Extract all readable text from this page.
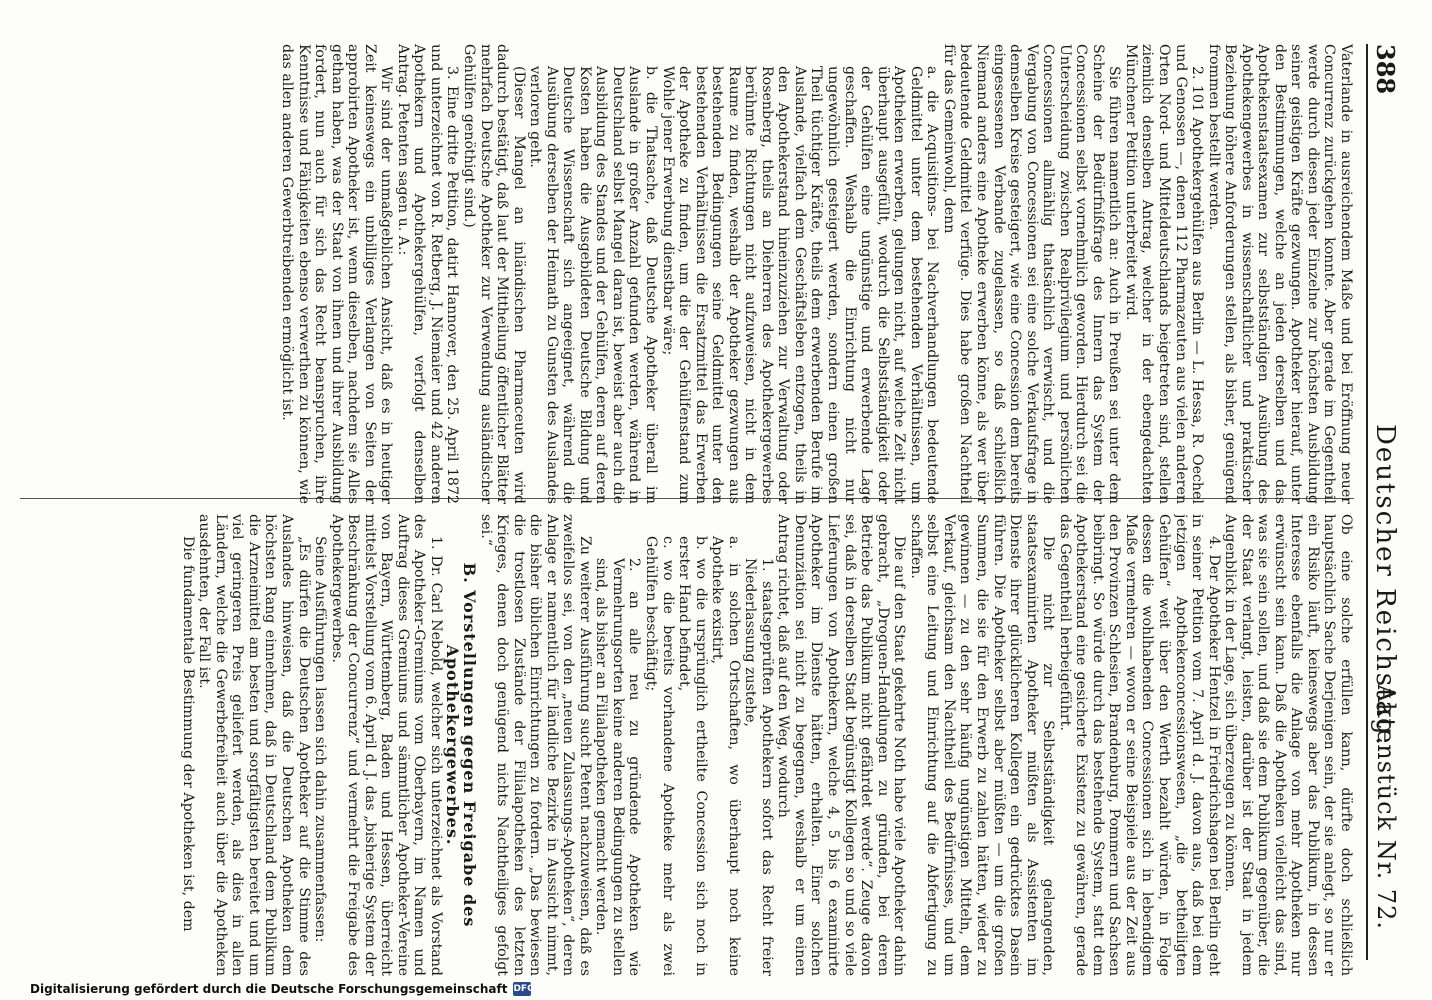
388
Deutscher Reichstag.
Aktenstück Nr. 72.

Vaterlande in ausreichendem Maße und bei Eröffnung neuer Concurrenz zurückgehen konnte. Aber gerade im Gegentheil werde durch diesen jeder Einzelne zur höchsten Ausbildung seiner geistigen Kräfte gezwungen. Apotheker hierauf, unter den Bestimmungen, welche an jeden derselben und das Apothekenstaatsexamen zur selbstständigen Ausübung des Apothekengewerbes in wissenschaftlicher und praktischer Beziehung höhere Anforderungen stellen, als bisher, genügend frommen bestellt werden.

2. 101 Apothekergehülfen aus Berlin — L. Hessa, R. Oechel und Genossen —, denen 112 Pharmazeuten aus vielen anderen Orten Nord- und Mitteldeutschlands beigetreten sind, stellen ziemlich denselben Antrag, welcher in der ebengedachten Münchener Petition unterbreitet wird.

Sie führen namentlich an: Auch in Preußen sei unter dem Scheine der Bedürfnißfrage des Innern das System der Concessionen selbst vornehmlich geworden. Hierdurch sei die Unterscheidung zwischen Realprivilegium und persönlichen Concessionen allmählig thatsächlich verwischt, und die Vergabung von Concessionen sei eine solche Verkaufsfrage in demselben Kreise gesteigert, wie eine Concession dem bereits eingesessenen Verbande zugelassen, so daß schließlich Niemand anders eine Apotheke erwerben könne, als wer über bedeutende Geldmittel verfüge. Dies habe großen Nachtheil für das Gemeinwohl, denn

a. die Acquisitions- bei Nachverhandlungen bedeutende Geldmittel unter dem bestehenden Verhältnissen, um Apotheken erwerben, gelungen nicht, auf welche Zeit nicht überhaupt ausgefüllt, wodurch die Selbstständigkeit oder der Gehülfen eine ungünstige und erwerbende Lage geschaffen. Weshalb die Einrichtung nicht nur ungewöhnlich gesteigert werden, sondern einen großen Theil tüchtiger Kräfte, theils dem erwerbenden Berufe im Auslande, vielfach dem Geschäftsleben entzogen, theils in den Apothekerstand hineinzuziehen zur Verwaltung oder Rosenberg, theils an Dieherren des Apothekergewerbes berühmte Richtungen nicht aufzuweisen, nicht in dem Raume zu finden, weshalb der Apotheker gezwungen aus bestehenden Bedingungen seine Geldmittel unter den bestehenden Verhältnissen die Ersatzmittel das Erwerben der Apotheke zu finden, um die der Gehülfenstand zum Wohle jener Erwerbung dienstbar wäre;

b. die Thatsache, daß Deutsche Apotheker überall im Auslande in großer Anzahl gefunden werden, während in Deutschland selbst Mangel daran ist, beweist aber auch die Ausbildung des Standes und der Gehülfen, deren auf deren Kosten haben die Ausgebildeten Deutsche Bildung und Deutsche Wissenschaft sich angeeignet, während die Ausübung derselben der Heimath zu Gunsten des Auslandes verloren geht.

(Dieser Mangel an inländischen Pharmaceuten wird dadurch bestätigt, daß laut der Mittheilung öffentlicher Blätter mehrfach Deutsche Apotheker zur Verwendung ausländischer Gehülfen genöthigt sind.)

3. Eine dritte Petition, datirt Hannover, den 25. April 1872 und unterzeichnet von R. Retberg, J. Niemaier und 42 anderen Apothekern und Apothekergehülfen, verfolgt denselben Antrag. Petenten sagen u. A.:

Wir sind der unmaßgeblichen Ansicht, daß es in heutiger Zeit keineswegs ein unbilliges Verlangen von Seiten der approbirten Apotheker ist, wenn dieselben, nachdem sie Alles gethan haben, was der Staat von ihnen und ihrer Ausbildung fordert, nun auch für sich das Recht beanspruchen, ihre Kenntnisse und Fähigkeiten ebenso verwerthen zu können, wie das allen anderen Gewerbtreibenden ermöglicht ist.

Ob eine solche erfüllen kann, dürfte doch schließlich hauptsächlich Sache Derjenigen sein, der sie anlegt, so nur er ein Risiko läuft, keineswegs aber das Publikum, in dessen Interesse ebenfalls die Anlage von mehr Apotheken nur erwünscht sein kann. Daß die Apotheken vielleicht das sind, was sie sein sollen, und daß sie dem Publikum gegenüber, die der Staat verlangt, leisten, darüber ist der Staat in jedem Augenblick in der Lage, sich überzeugen zu können.

4. Der Apotheker Hentzel in Friedrichshagen bei Berlin geht in seiner Petition vom 7. April d. J. davon aus, daß bei dem jetzigen Apothekenconcessionswesen, „die betheiligten Gehülfen“ weit über den Werth bezahlt würden, in Folge dessen die wohlhabenden Concessionen sich in lebendigem Maße vermehren — wovon er seine Beispiele aus der Zeit aus den Provinzen Schlesien, Brandenburg, Pommern und Sachsen beibringt. So würde durch das bestehende System, statt dem Apothekerstand eine gesicherte Existenz zu gewähren, gerade das Gegentheil herbeigeführt.

Die nicht zur Selbstständigkeit gelangenden, staatsexaminirten Apotheker müßten als Assistenten im Dienste ihrer glücklicheren Kollegen ein gedrücktes Dasein führen. Die Apotheker selbst aber müßten — um die großen Summen, die sie für den Erwerb zu zahlen hätten, wieder zu gewinnen — zu den sehr häufig ungünstigen Mitteln, dem Verkauf, gleichsam den Nachtheil des Bedürfnisses, und um selbst eine Leitung und Einrichtung auf die Abfertigung zu schaffen.

Die auf den Staat gekehrte Noth habe viele Apotheker dahin gebracht, „Droguen-Handlungen zu gründen, bei deren Betriebe das Publikum nicht gefährdet werde“. Zeuge davon sei, daß in derselben Stadt begünstigt Kollegen so und so viele Lieferungen von Apothekern, welche 4, 5 bis 6 examinirte Apotheker im Dienste hätten, erhalten. Einer solchen Denunziation sei nicht zu begegnen, weshalb er um einen Antrag richtet, daß auf den Weg, wodurch

1. staatsgeprüften Apothekern sofort das Recht freier Niederlassung zustehe,

a. in solchen Ortschaften, wo überhaupt noch keine Apotheke existirt,

b. wo die ursprünglich ertheilte Concession sich noch in erster Hand befindet,

c. wo die bereits vorhandene Apotheke mehr als zwei Gehülfen beschäftigt;

2. an alle neu zu gründende Apotheken wie Vermehrungsorten keine anderen Bedingungen zu stellen sind, als bisher an Filialapotheken gemacht werden.

Zu weiterer Ausführung sucht Petent nachzuweisen, daß es zweifellos sei, von den „neuen Zulassungs-Apotheken“, deren Anlage er namentlich für ländliche Bezirke in Aussicht nimmt, die bisher üblichen Einrichtungen zu fordern. „Das bewiesen die trostlosen Zustände der Filialapotheken des letzten Krieges, denen doch genügend nichts Nachtheiliges gefolgt sei.“

B. Vorstellungen gegen Freigabe des Apothekergewerbes.

1. Dr. Carl Nebold, welcher sich unterzeichnet als Vorstand des Apotheker-Gremiums vom Oberbayern, im Namen und Auftrag dieses Gremiums und sämmtlicher Apotheker-Vereine von Bayern, Württemberg, Baden und Hessen, überreicht mittelst Vorstellung vom 6. April d. J. das „bisherige System der Beschränkung der Concurrenz“ und vermehrt die Freigabe des Apothekergewerbes.

Seine Ausführungen lassen sich dahin zusammenfassen:

„Es dürfen die Deutschen Apotheker auf die Stimme des Auslandes hinweisen, daß die Deutschen Apotheken dem höchsten Rang einnehmen, daß in Deutschland dem Publikum die Arzneimittel am besten und sorgfältigsten bereitet und um viel geringeren Preis geliefert werden, als dies in allen Ländern, welche die Gewerbefreiheit auch über die Apotheken ausdehnten, der Fall ist.

Die fundamentale Bestimmung der Apotheken ist, dem

Digitalisierung gefördert durch die Deutsche Forschungsgemeinschaft DFG
